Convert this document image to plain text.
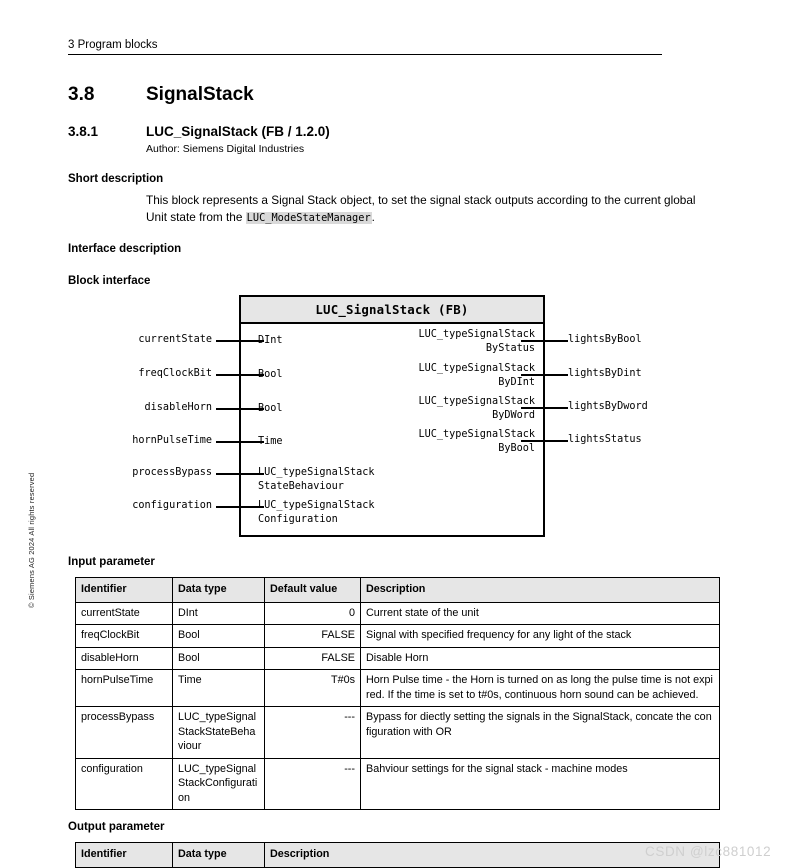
3 Program blocks
© Siemens AG 2024 All rights reserved
3.8	SignalStack
3.8.1	LUC_SignalStack (FB / 1.2.0)
Author: Siemens Digital Industries
Short description
This block represents a Signal Stack object, to set the signal stack outputs according to the current global Unit state from the LUC_ModeStateManager.
Interface description
Block interface
LUC_SignalStack (FB)
currentState
freqClockBit
disableHorn
hornPulseTime
processBypass
configuration
DInt
Bool
Bool
Time
LUC_typeSignalStack
StateBehaviour
LUC_typeSignalStack
Configuration
LUC_typeSignalStack
ByStatus
LUC_typeSignalStack
ByDInt
LUC_typeSignalStack
ByDWord
LUC_typeSignalStack
ByBool
lightsByBool
lightsByDint
lightsByDword
lightsStatus
Input parameter
Identifier	Data type	Default value	Description
currentState	DInt	0	Current state of the unit
freqClockBit	Bool	FALSE	Signal with specified frequency for any light of the stack
disableHorn	Bool	FALSE	Disable Horn
hornPulseTime	Time	T#0s	Horn Pulse time - the Horn is turned on as long the pulse time is not expired. If the time is set to t#0s, continuous horn sound can be achieved.
processBypass	LUC_typeSignalStackStateBehaviour	---	Bypass for diectly setting the signals in the SignalStack, concate the configuration with OR
configuration	LUC_typeSignalStackConfiguration	---	Bahviour settings for the signal stack - machine modes
Output parameter
Identifier	Data type	Description	CSDN @lzc881012
